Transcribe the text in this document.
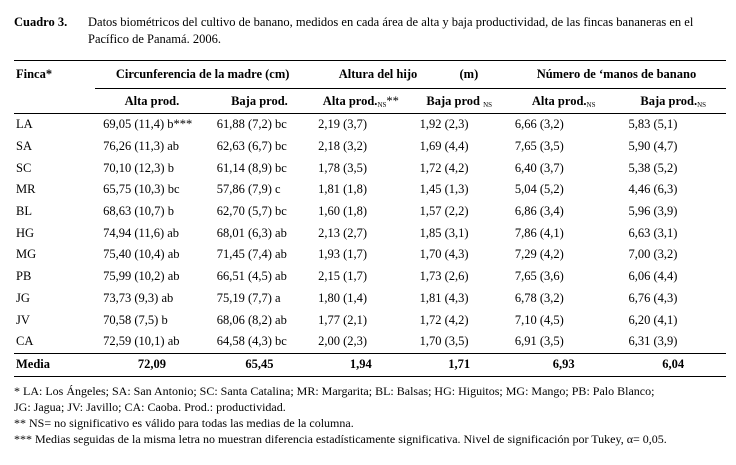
Cuadro 3.	Datos biométricos del cultivo de banano, medidos en cada área de alta y baja productividad, de las fincas bananeras en el Pacífico de Panamá. 2006.
Finca*	Circunferencia de la madre (cm)		Altura del hijo (m)		Número de ‘manos de banano	
	Alta prod.	Baja prod.	Alta $prod._{NS}**$	Baja prod $_{NS}$	Alta $prod._{NS}$	Baja $prod._{NS}$
LA	69,05 (11,4) b***	61,88 (7,2) bc	2,19 (3,7)	1,92 (2,3)	6,66 (3,2)	5,83 (5,1)
SA	76,26 (11,3) ab	62,63 (6,7) bc	2,18 (3,2)	1,69 (4,4)	7,65 (3,5)	5,90 (4,7)
SC	70,10 (12,3) b	61,14 (8,9) bc	1,78 (3,5)	1,72 (4,2)	6,40 (3,7)	5,38 (5,2)
MR	65,75 (10,3) bc	57,86 (7,9) c	1,81 (1,8)	1,45 (1,3)	5,04 (5,2)	4,46 (6,3)
BL	68,63 (10,7) b	62,70 (5,7) bc	1,60 (1,8)	1,57 (2,2)	6,86 (3,4)	5,96 (3,9)
HG	74,94 (11,6) ab	68,01 (6,3) ab	2,13 (2,7)	1,85 (3,1)	7,86 (4,1)	6,63 (3,1)
MG	75,40 (10,4) ab	71,45 (7,4) ab	1,93 (1,7)	1,70 (4,3)	7,29 (4,2)	7,00 (3,2)
PB	75,99 (10,2) ab	66,51 (4,5) ab	2,15 (1,7)	1,73 (2,6)	7,65 (3,6)	6,06 (4,4)
JG	73,73 (9,3) ab	75,19 (7,7) a	1,80 (1,4)	1,81 (4,3)	6,78 (3,2)	6,76 (4,3)
JV	70,58 (7,5) b	68,06 (8,2) ab	1,77 (2,1)	1,72 (4,2)	7,10 (4,5)	6,20 (4,1)
CA	72,59 (10,1) ab	64,58 (4,3) bc	2,00 (2,3)	1,70 (3,5)	6,91 (3,5)	6,31 (3,9)
Media	72,09	65,45	1,94	1,71	6,93	6,04
* LA: Los Ángeles; SA: San Antonio; SC: Santa Catalina; MR: Margarita; BL: Balsas; HG: Higuitos; MG: Mango; PB: Palo Blanco;
JG: Jagua; JV: Javillo; CA: Caoba. Prod.: productividad.
** NS= no significativo es válido para todas las medias de la columna.
*** Medias seguidas de la misma letra no muestran diferencia estadísticamente significativa. Nivel de significación por Tukey, α= 0,05.
